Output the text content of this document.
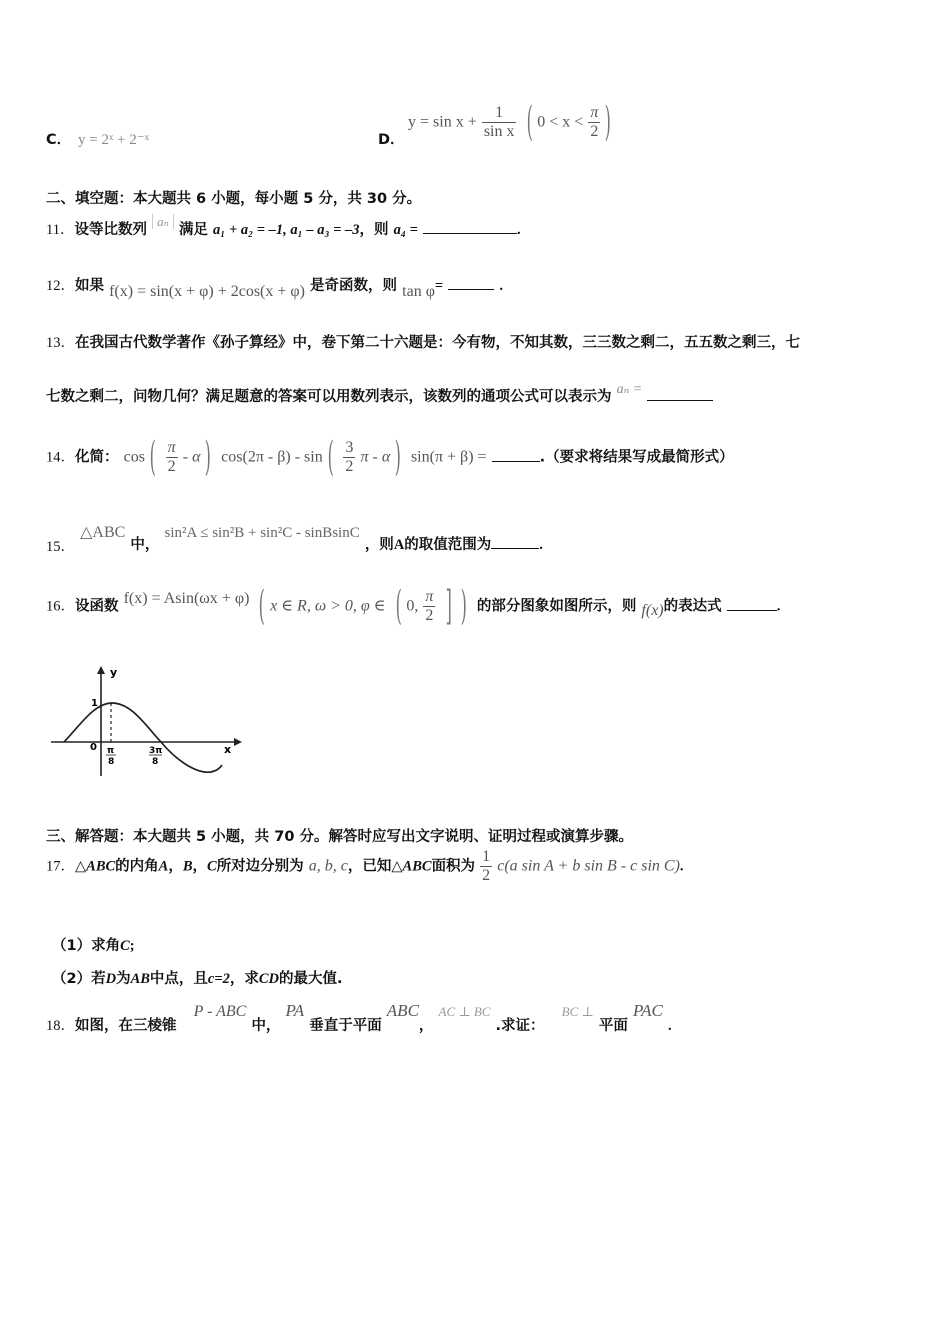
C． y = 2ˣ + 2⁻ˣ	D．
$y = \sin x + \frac{1}{\text{sin x}}$ ( $0 < x < \frac{\pi}{2}$ )
二、填空题：本大题共 6 小题，每小题 5 分，共 30 分。
11．设等比数列 $^{a_n}$ 满足 a₁ + a₂ = –1, a₁ – a₃ = –3，则 a₄ =	.
12．如果 f(x) = sin(x + φ) + 2cos(x + φ) 是奇函数，则 tan φ=	.
13．在我国古代数学著作《孙子算经》中，卷下第二十六题是：今有物，不知其数，三三数之剩二，五五数之剩三，七
七数之剩二，问物几何？满足题意的答案可以用数列表示，该数列的通项公式可以表示为 aₙ =
14．化简： cos ( $\frac{\pi}{2}$ - α ) cos(2π - β) - sin ( $\frac{3}{2}$ π - α ) sin(π + β) =	.（要求将结果写成最简形式）
15． △ABC 中， sin²A ≤ sin²B + sin²C - sinBsinC ，则A的取值范围为	.
16．设函数 f(x) = Asin(ωx + φ) ( x ∈ R, ω > 0, φ ∈ ( 0, $\frac{\pi}{2}$ ] ) 的部分图象如图所示，则 f(x)的表达式	.
y
x
0
1
π
8
3π
8
三、解答题：本大题共 5 小题，共 70 分。解答时应写出文字说明、证明过程或演算步骤。
17．△ABC的内角A，B，C所对边分别为 a, b, c，已知△ABC面积为 $\frac{1}{2} c(a$ sin A + b sin B - c sin C).
（1）求角C;
（2）若D为AB中点，且c=2，求CD的最大值.
18．如图，在三棱锥 P - ABC 中， PA 垂直于平面 ABC， AC ⊥ BC .求证： BC ⊥ 平面 PAC .
